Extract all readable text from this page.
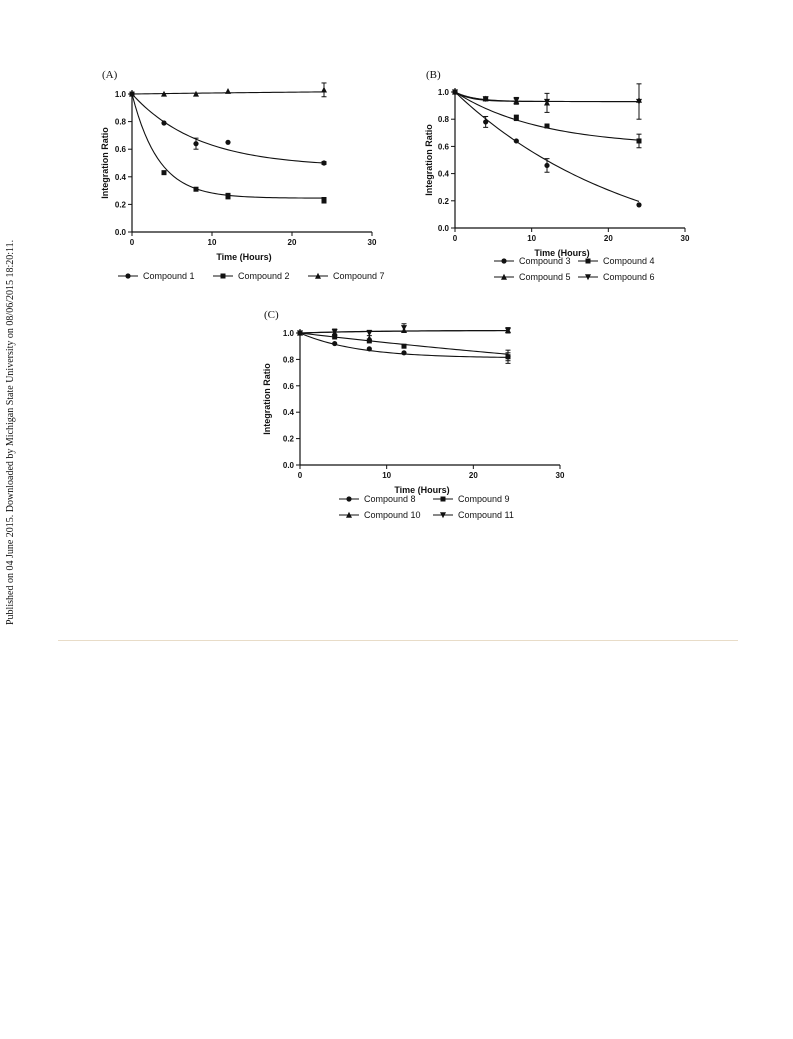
Published on 04 June 2015. Downloaded by Michigan State University on 08/06/2015 18:20:11.
(A)
0	10	20	30
0.0
0.2
0.4
0.6
0.8
1.0
Time (Hours)
Integration Ratio
Compound 1	Compound 2	Compound 7
(B)
0	10	20	30
0.0
0.2
0.4
0.6
0.8
1.0
Time (Hours)
Integration Ratio
Compound 3	Compound 4
Compound 5	Compound 6
(C)
0	10	20	30
0.0
0.2
0.4
0.6
0.8
1.0
Time (Hours)
Integration Ratio
Compound 8	Compound 9
Compound 10	Compound 11
